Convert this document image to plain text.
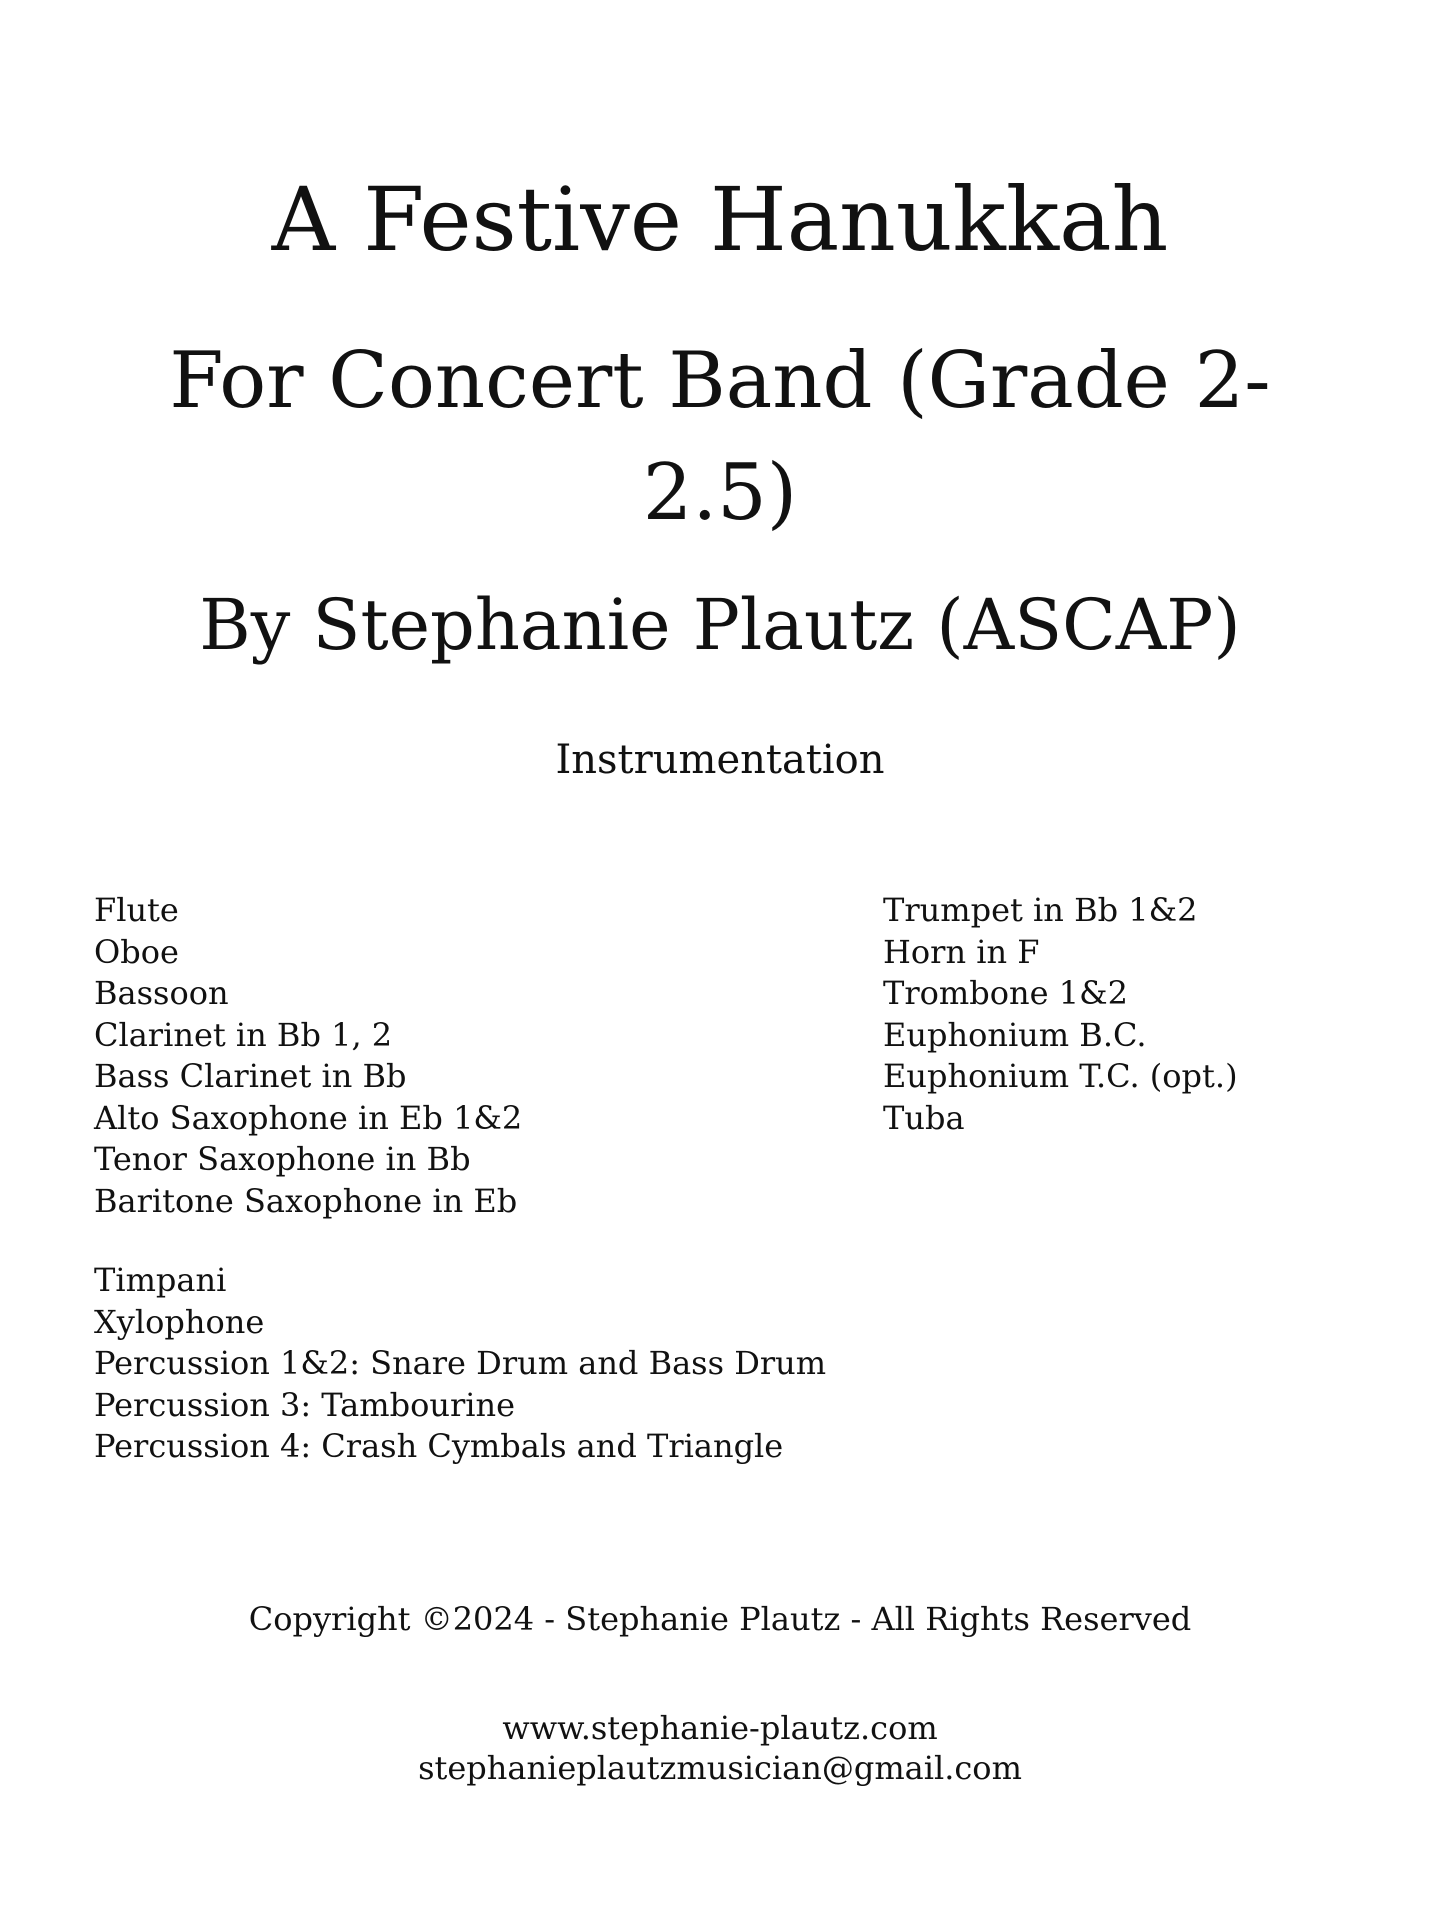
A Festive Hanukkah
For Concert Band (Grade 2-2.5)
By Stephanie Plautz (ASCAP)
Instrumentation
Flute
Oboe
Bassoon
Clarinet in Bb 1, 2
Bass Clarinet in Bb
Alto Saxophone in Eb 1&2
Tenor Saxophone in Bb
Baritone Saxophone in Eb
Timpani
Xylophone
Percussion 1&2: Snare Drum and Bass Drum
Percussion 3: Tambourine
Percussion 4: Crash Cymbals and Triangle
Trumpet in Bb 1&2
Horn in F
Trombone 1&2
Euphonium B.C.
Euphonium T.C. (opt.)
Tuba
Copyright ©2024 - Stephanie Plautz - All Rights Reserved
www.stephanie-plautz.com
stephanieplautzmusician@gmail.com
